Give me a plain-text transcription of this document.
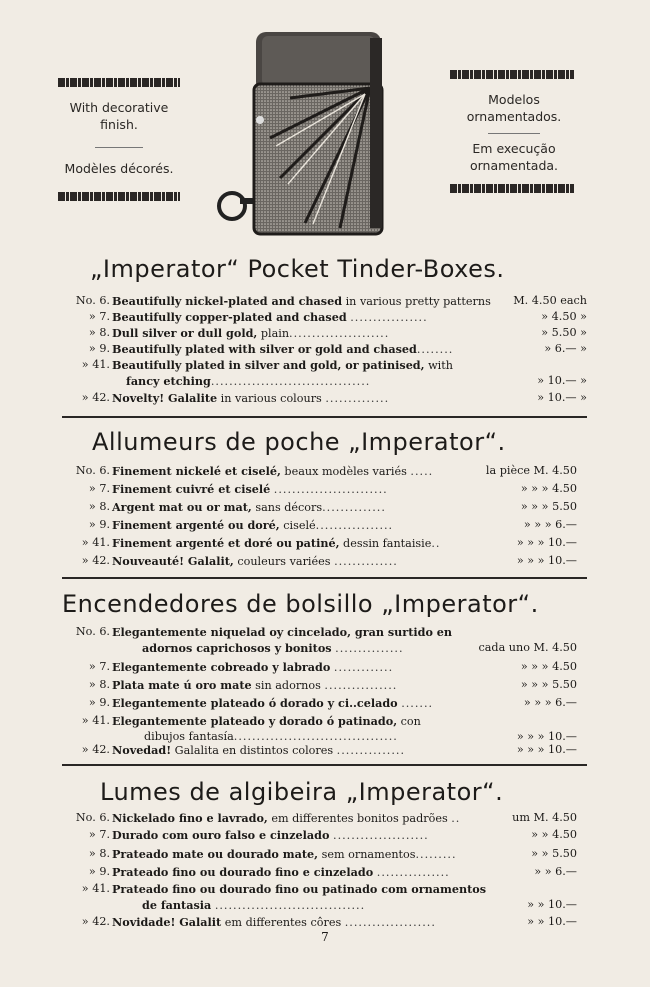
With decorative finish.
Modèles décorés.
Modelos ornamentados.
Em execução ornamentada.
„Imperator“ Pocket Tinder-Boxes.
No. 6. Beautifully nickel-plated and chased in various pretty patterns M. 4.50 each
» 7. Beautifully copper-plated and chased .................	» 4.50 »
» 8. Dull silver or dull gold, plain......................	» 5.50 »
» 9. Beautifully plated with silver or gold and chased........	» 6.— »
» 41. Beautifully plated in silver and gold, or patinised, with
fancy etching...................................	» 10.— »
» 42. Novelty! Galalite in various colours ..............	» 10.— »
Allumeurs de poche „Imperator“.
No. 6. Finement nickelé et ciselé, beaux modèles variés .....	la pièce M. 4.50
» 7. Finement cuivré et ciselé .........................	» » » 4.50
» 8. Argent mat ou or mat, sans décors..............	» » » 5.50
» 9. Finement argenté ou doré, ciselé.................	» » » 6.—
» 41. Finement argenté et doré ou patiné, dessin fantaisie..	» » » 10.—
» 42. Nouveauté! Galalit, couleurs variées ..............	» » » 10.—
Encendedores de bolsillo „Imperator“.
No. 6. Elegantemente niquelad oy cincelado, gran surtido en
adornos caprichosos y bonitos ...............	cada uno M. 4.50
» 7. Elegantemente cobreado y labrado .............	» » » 4.50
» 8. Plata mate ú oro mate sin adornos ................	» » » 5.50
» 9. Elegantemente plateado ó dorado y ci..celado .......	» » » 6.—
» 41. Elegantemente plateado y dorado ó patinado, con
dibujos fantasía....................................	» » » 10.—
» 42. Novedad! Galalita en distintos colores ...............	» » » 10.—
Lumes de algibeira „Imperator“.
No. 6. Nickelado fino e lavrado, em differentes bonitos padrões ..	um M. 4.50
» 7. Durado com ouro falso e cinzelado .....................	» » 4.50
» 8. Prateado mate ou dourado mate, sem ornamentos.........	» » 5.50
» 9. Prateado fino ou dourado fino e cinzelado ................	» » 6.—
» 41. Prateado fino ou dourado fino ou patinado com ornamentos
de fantasia .................................	» » 10.—
» 42. Novidade! Galalit em differentes côres ....................	» » 10.—
7
